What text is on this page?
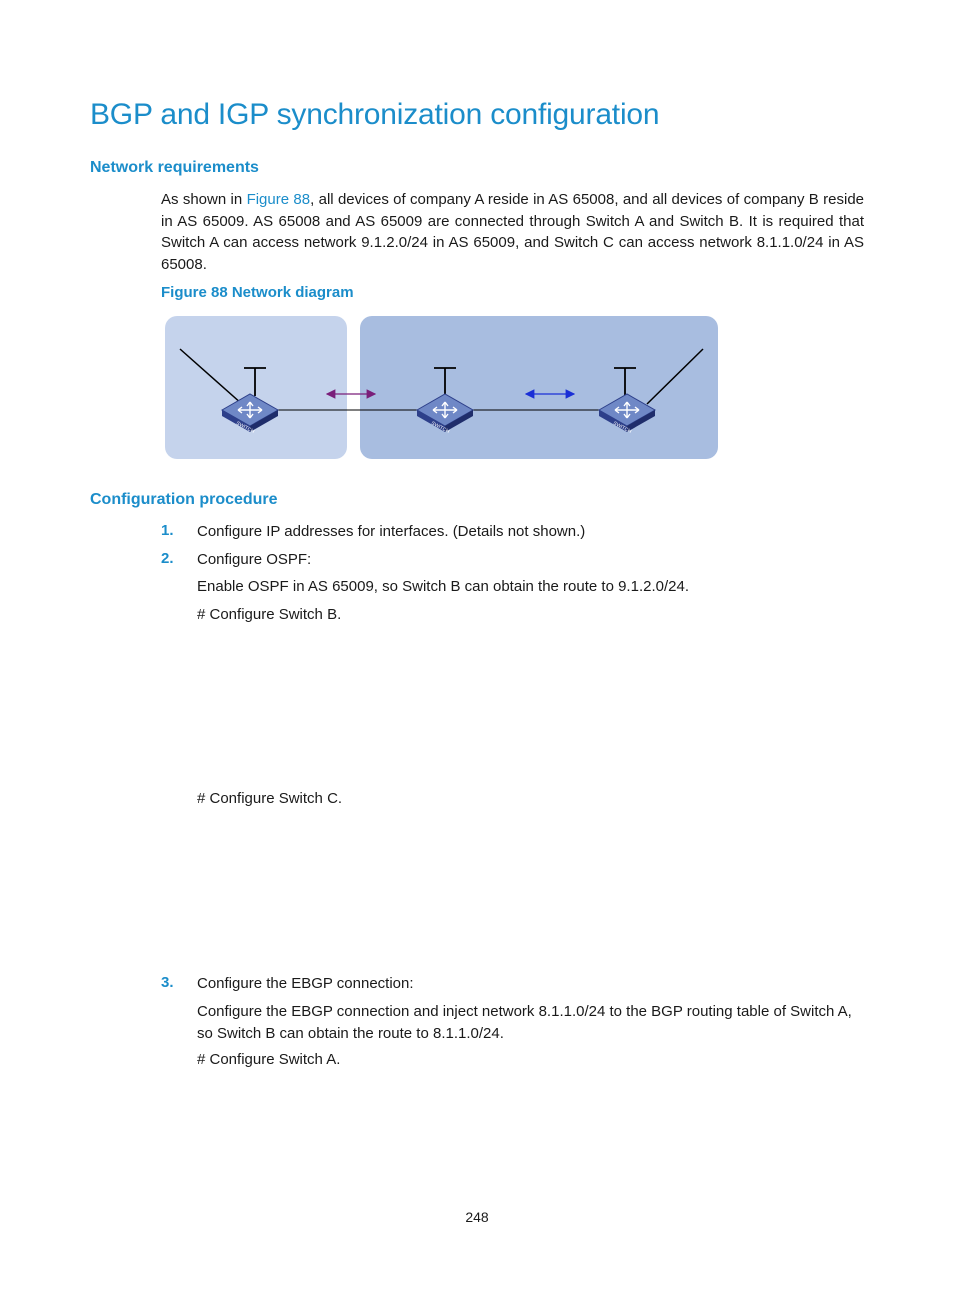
BGP and IGP synchronization configuration
Network requirements

As shown in Figure 88, all devices of company A reside in AS 65008, and all devices of company B reside in AS 65009. AS 65008 and AS 65009 are connected through Switch A and Switch B. It is required that Switch A can access network 9.1.2.0/24 in AS 65009, and Switch C can access network 8.1.1.0/24 in AS 65008.

Figure 88 Network diagram

SWITCH	SWITCH	SWITCH
Configuration procedure
1. Configure IP addresses for interfaces. (Details not shown.)

2. Configure OSPF:

Enable OSPF in AS 65009, so Switch B can obtain the route to 9.1.2.0/24.

# Configure Switch B.

# Configure Switch C.

3. Configure the EBGP connection:

Configure the EBGP connection and inject network 8.1.1.0/24 to the BGP routing table of Switch A, so Switch B can obtain the route to 8.1.1.0/24.

# Configure Switch A.

248
